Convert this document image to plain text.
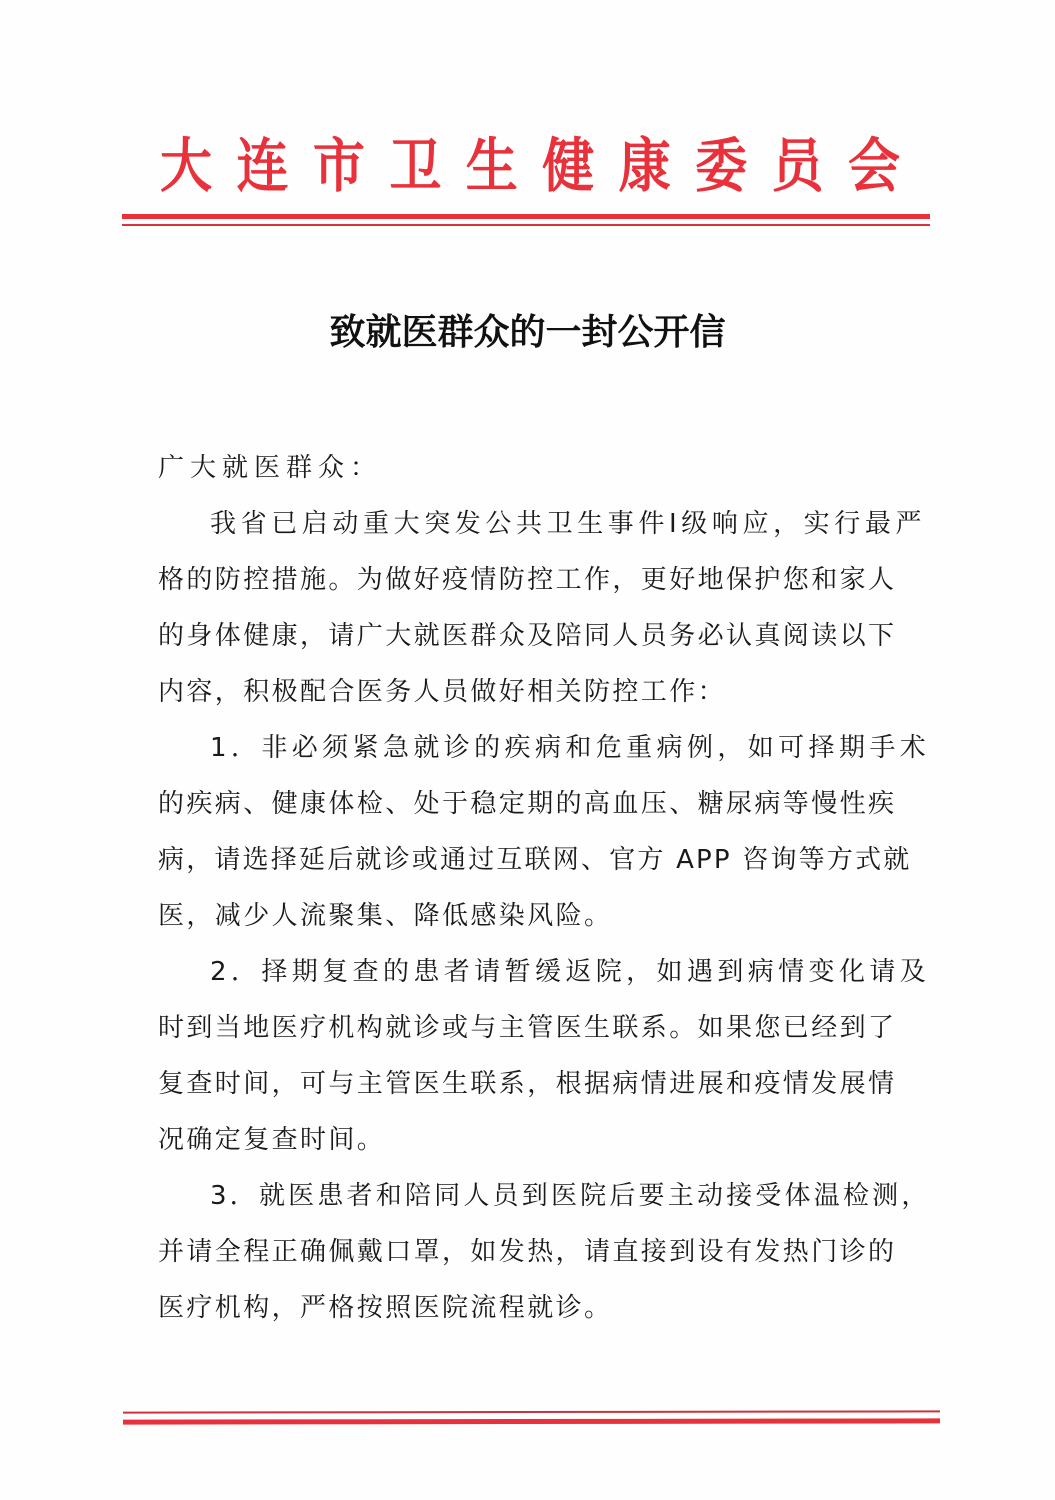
大 连 市 卫 生 健 康 委 员 会
致就医群众的一封公开信
广大就医群众：
我省已启动重大突发公共卫生事件Ⅰ级响应，实行最严
格的防控措施。为做好疫情防控工作，更好地保护您和家人
的身体健康，请广大就医群众及陪同人员务必认真阅读以下
内容，积极配合医务人员做好相关防控工作：
1．非必须紧急就诊的疾病和危重病例，如可择期手术
的疾病、健康体检、处于稳定期的高血压、糖尿病等慢性疾
病，请选择延后就诊或通过互联网、官方 APP 咨询等方式就
医，减少人流聚集、降低感染风险。
2．择期复查的患者请暂缓返院，如遇到病情变化请及
时到当地医疗机构就诊或与主管医生联系。如果您已经到了
复查时间，可与主管医生联系，根据病情进展和疫情发展情
况确定复查时间。
3．就医患者和陪同人员到医院后要主动接受体温检测，
并请全程正确佩戴口罩，如发热，请直接到设有发热门诊的
医疗机构，严格按照医院流程就诊。
